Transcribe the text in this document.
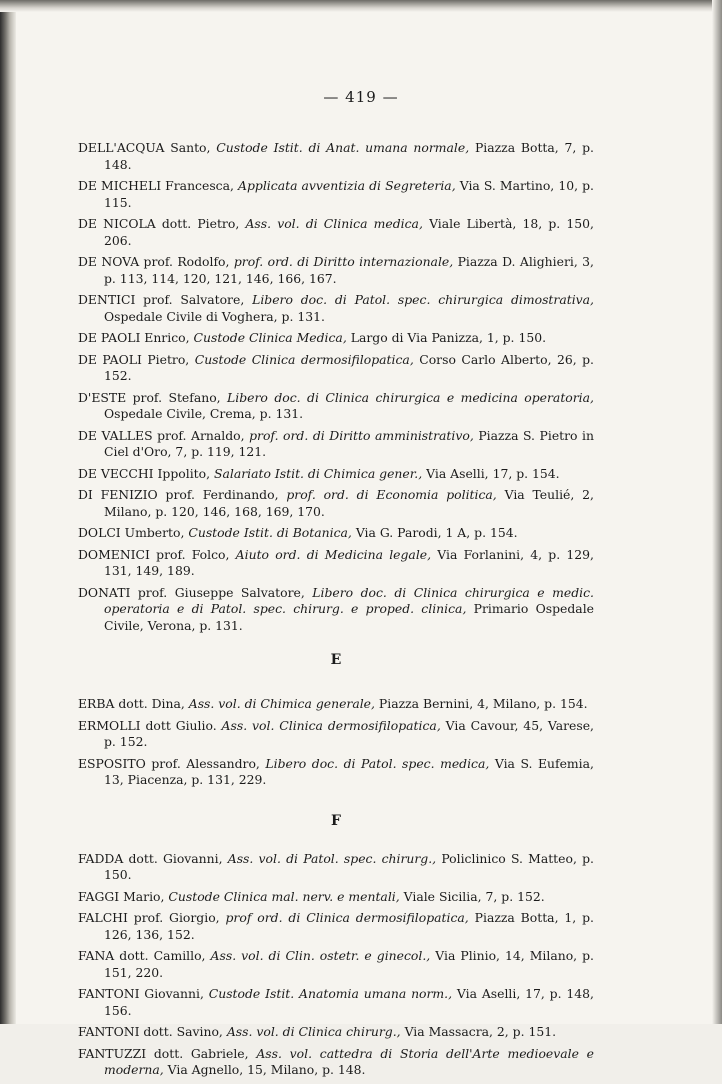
— 419 —

DELL'ACQUA Santo, Custode Istit. di Anat. umana normale, Piazza Botta, 7, p. 148.

DE MICHELI Francesca, Applicata avventizia di Segreteria, Via S. Martino, 10, p. 115.

DE NICOLA dott. Pietro, Ass. vol. di Clinica medica, Viale Libertà, 18, p. 150, 206.

DE NOVA prof. Rodolfo, prof. ord. di Diritto internazionale, Piazza D. Alighieri, 3, p. 113, 114, 120, 121, 146, 166, 167.

DENTICI prof. Salvatore, Libero doc. di Patol. spec. chirurgica dimostrativa, Ospedale Civile di Voghera, p. 131.

DE PAOLI Enrico, Custode Clinica Medica, Largo di Via Panizza, 1, p. 150.

DE PAOLI Pietro, Custode Clinica dermosifilopatica, Corso Carlo Alberto, 26, p. 152.

D'ESTE prof. Stefano, Libero doc. di Clinica chirurgica e medicina operatoria, Ospedale Civile, Crema, p. 131.

DE VALLES prof. Arnaldo, prof. ord. di Diritto amministrativo, Piazza S. Pietro in Ciel d'Oro, 7, p. 119, 121.

DE VECCHI Ippolito, Salariato Istit. di Chimica gener., Via Aselli, 17, p. 154.

DI FENIZIO prof. Ferdinando, prof. ord. di Economia politica, Via Teulié, 2, Milano, p. 120, 146, 168, 169, 170.

DOLCI Umberto, Custode Istit. di Botanica, Via G. Parodi, 1 A, p. 154.

DOMENICI prof. Folco, Aiuto ord. di Medicina legale, Via Forlanini, 4, p. 129, 131, 149, 189.

DONATI prof. Giuseppe Salvatore, Libero doc. di Clinica chirurgica e medic. operatoria e di Patol. spec. chirurg. e proped. clinica, Primario Ospedale Civile, Verona, p. 131.

E

ERBA dott. Dina, Ass. vol. di Chimica generale, Piazza Bernini, 4, Milano, p. 154.

ERMOLLI dott Giulio. Ass. vol. Clinica dermosifilopatica, Via Cavour, 45, Varese, p. 152.

ESPOSITO prof. Alessandro, Libero doc. di Patol. spec. medica, Via S. Eufemia, 13, Piacenza, p. 131, 229.

F

FADDA dott. Giovanni, Ass. vol. di Patol. spec. chirurg., Policlinico S. Matteo, p. 150.

FAGGI Mario, Custode Clinica mal. nerv. e mentali, Viale Sicilia, 7, p. 152.

FALCHI prof. Giorgio, prof ord. di Clinica dermosifilopatica, Piazza Botta, 1, p. 126, 136, 152.

FANA dott. Camillo, Ass. vol. di Clin. ostetr. e ginecol., Via Plinio, 14, Milano, p. 151, 220.

FANTONI Giovanni, Custode Istit. Anatomia umana norm., Via Aselli, 17, p. 148, 156.

FANTONI dott. Savino, Ass. vol. di Clinica chirurg., Via Massacra, 2, p. 151.

FANTUZZI dott. Gabriele, Ass. vol. cattedra di Storia dell'Arte medioevale e moderna, Via Agnello, 15, Milano, p. 148.
